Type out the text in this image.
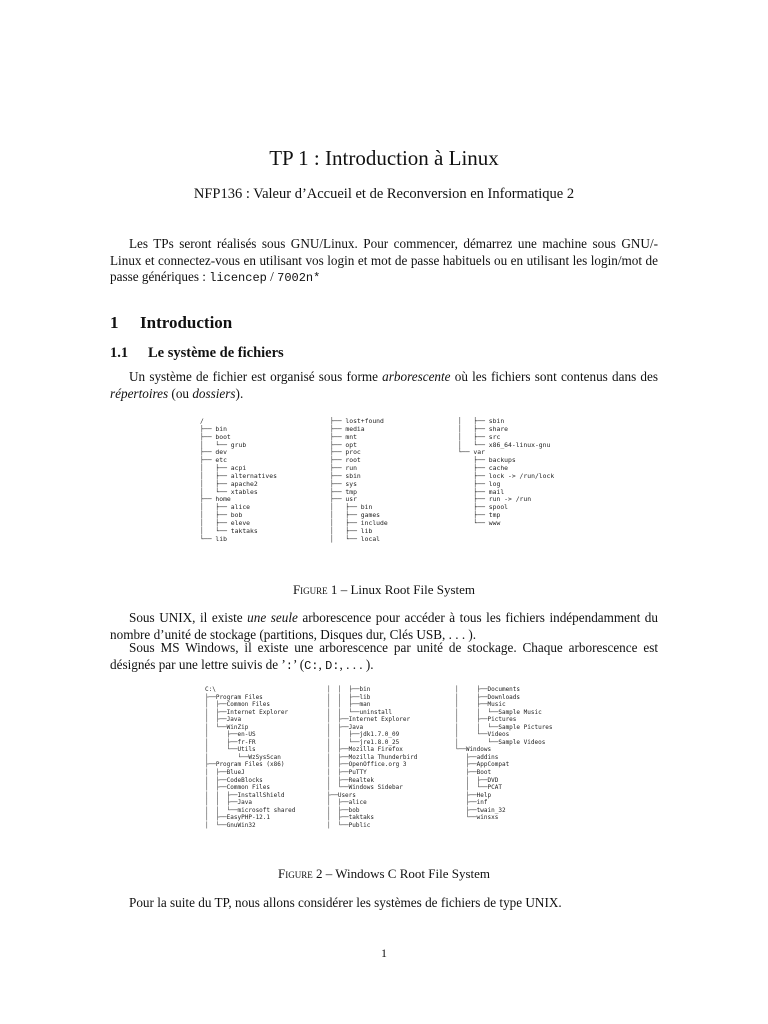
TP 1 : Introduction à Linux

NFP136 : Valeur d’Accueil et de Reconversion en Informatique 2

Les TPs seront réalisés sous GNU/Linux. Pour commencer, démarrez une machine sous GNU/-Linux et connectez-vous en utilisant vos login et mot de passe habituels ou en utilisant les login/mot de passe génériques : licencep / 7002n*

1 Introduction
1.1 Le système de fichiers

Un système de fichier est organisé sous forme arborescente où les fichiers sont contenus dans des répertoires (ou dossiers).

/
├── bin
├── boot
│   └── grub
├── dev
├── etc
│   ├── acpi
│   ├── alternatives
│   ├── apache2
│   └── xtables
├── home
│   ├── alice
│   ├── bob
│   ├── eleve
│   └── taktaks
└── lib
├── lost+found
├── media
├── mnt
├── opt
├── proc
├── root
├── run
├── sbin
├── sys
├── tmp
├── usr
│   ├── bin
│   ├── games
│   ├── include
│   ├── lib
│   └── local
│   ├── sbin
│   ├── share
│   ├── src
│   └── x86_64-linux-gnu
└── var
├── backups
├── cache
├── lock -> /run/lock
├── log
├── mail
├── run -> /run
├── spool
├── tmp
└── www

Figure 1 – Linux Root File System

Sous UNIX, il existe une seule arborescence pour accéder à tous les fichiers indépendamment du nombre d’unité de stockage (partitions, Disques dur, Clés USB, . . . ).

Sous MS Windows, il existe une arborescence par unité de stockage. Chaque arborescence est désignés par une lettre suivis de ’:’ (C:, D:, . . . ).

C:\
├──Program Files
│  ├──Common Files
│  ├──Internet Explorer
│  ├──Java
│  └──WinZip
│     ├──en-US
│     ├──fr-FR
│     └──Utils
│        └──WzSysScan
├──Program Files (x86)
│  ├──BlueJ
│  ├──CodeBlocks
│  ├──Common Files
│  │  ├──InstallShield
│  │  ├──Java
│  │  └──microsoft shared
│  ├──EasyPHP-12.1
│  └──GnuWin32
│  │  ├──bin
│  │  ├──lib
│  │  ├──man
│  │  └──uninstall
│  ├──Internet Explorer
│  ├──Java
│  │  ├──jdk1.7.0_09
│  │  └──jre1.8.0_25
│  ├──Mozilla Firefox
│  ├──Mozilla Thunderbird
│  ├──OpenOffice.org 3
│  ├──PuTTY
│  ├──Realtek
│  └──Windows Sidebar
├──Users
│  ├──alice
│  ├──bob
│  ├──taktaks
│  └──Public
│     ├──Documents
│     ├──Downloads
│     ├──Music
│     │  └──Sample Music
│     ├──Pictures
│     │  └──Sample Pictures
│     └──Videos
│        └──Sample Videos
└──Windows
├──addins
├──AppCompat
├──Boot
│  ├──DVD
│  └──PCAT
├──Help
├──inf
├──twain_32
└──winsxs

Figure 2 – Windows C Root File System

Pour la suite du TP, nous allons considérer les systèmes de fichiers de type UNIX.

1
